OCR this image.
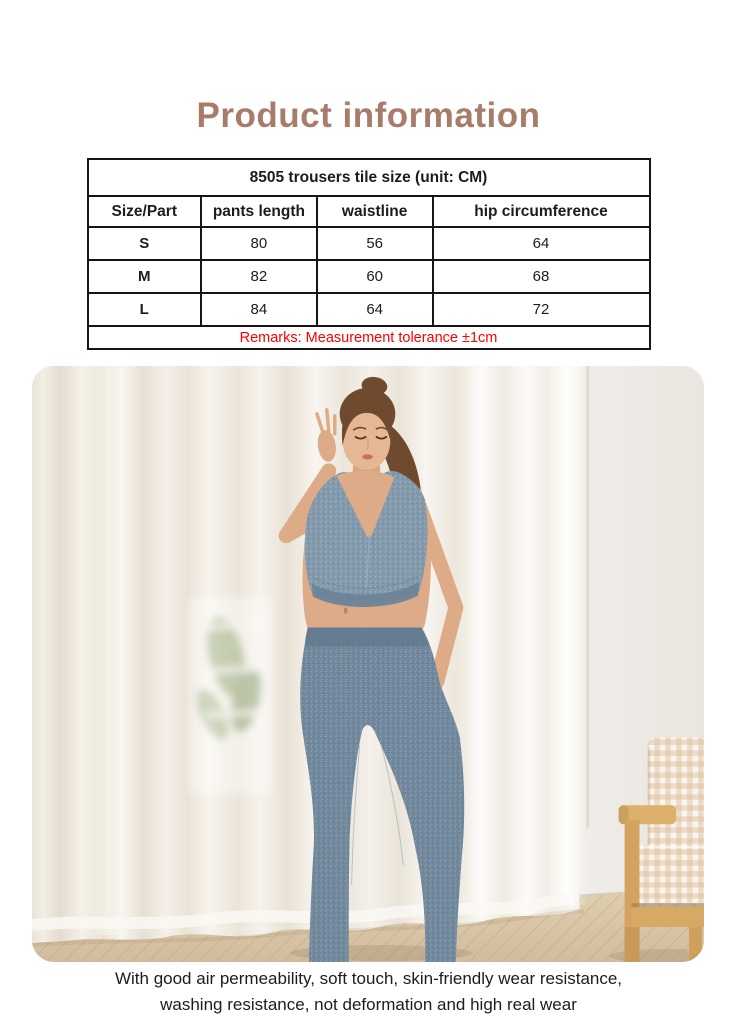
Product information
8505 trousers tile size (unit: CM)			
Size/Part	pants length	waistline	hip circumference
S	80	56	64
M	82	60	68
L	84	64	72
Remarks: Measurement tolerance ±1cm			
With good air permeability, soft touch, skin-friendly wear resistance,
washing resistance, not deformation and high real wear
